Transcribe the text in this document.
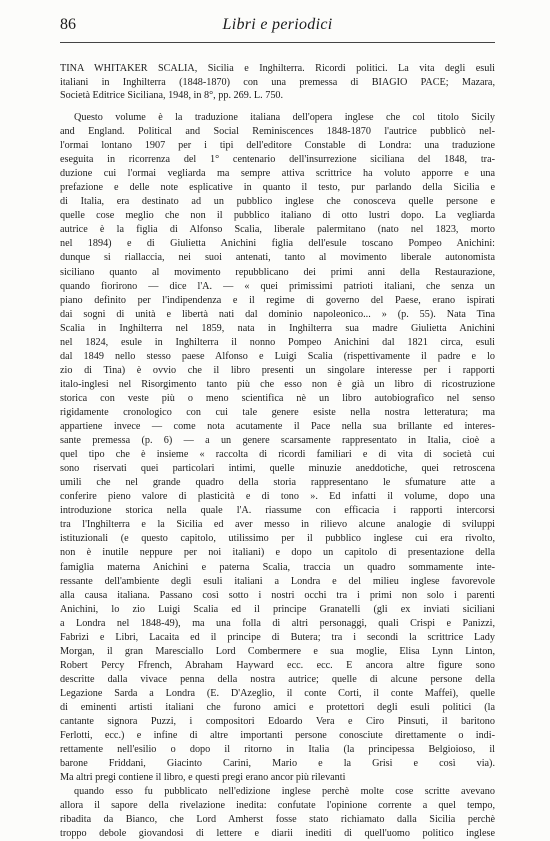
86	Libri e periodici
TINA WHITAKER SCALIA, Sicilia e Inghilterra. Ricordi politici. La vita degli esuli
italiani in Inghilterra (1848-1870) con una premessa di BIAGIO PACE; Mazara,
Società Editrice Siciliana, 1948, in 8°, pp. 269. L. 750.
Questo volume è la traduzione italiana dell'opera inglese che col titolo Sicily
and England. Political and Social Reminiscences 1848-1870 l'autrice pubblicò nel-
l'ormai lontano 1907 per i tipi dell'editore Constable di Londra: una traduzione
eseguita in ricorrenza del 1° centenario dell'insurrezione siciliana del 1848, tra-
duzione cui l'ormai vegliarda ma sempre attiva scrittrice ha voluto apporre e una
prefazione e delle note esplicative in quanto il testo, pur parlando della Sicilia e
di Italia, era destinato ad un pubblico inglese che conosceva quelle persone e
quelle cose meglio che non il pubblico italiano di otto lustri dopo. La vegliarda
autrice è la figlia di Alfonso Scalia, liberale palermitano (nato nel 1823, morto
nel 1894) e di Giulietta Anichini figlia dell'esule toscano Pompeo Anichini:
dunque si riallaccia, nei suoi antenati, tanto al movimento liberale autonomista
siciliano quanto al movimento repubblicano dei primi anni della Restaurazione,
quando fiorirono — dice l'A. — « quei primissimi patrioti italiani, che senza un
piano definito per l'indipendenza e il regime di governo del Paese, erano ispirati
dai sogni di unità e libertà nati dal dominio napoleonico... » (p. 55). Nata Tina
Scalia in Inghilterra nel 1859, nata in Inghilterra sua madre Giulietta Anichini
nel 1824, esule in Inghilterra il nonno Pompeo Anichini dal 1821 circa, esuli
dal 1849 nello stesso paese Alfonso e Luigi Scalia (rispettivamente il padre e lo
zio di Tina) è ovvio che il libro presenti un singolare interesse per i rapporti
italo-inglesi nel Risorgimento tanto più che esso non è già un libro di ricostruzione
storica con veste più o meno scientifica nè un libro autobiografico nel senso
rigidamente cronologico con cui tale genere esiste nella nostra letteratura; ma
appartiene invece — come nota acutamente il Pace nella sua brillante ed interes-
sante premessa (p. 6) — a un genere scarsamente rappresentato in Italia, cioè a
quel tipo che è insieme « raccolta di ricordi familiari e di vita di società cui
sono riservati quei particolari intimi, quelle minuzie aneddotiche, quei retroscena
umili che nel grande quadro della storia rappresentano le sfumature atte a
conferire pieno valore di plasticità e di tono ». Ed infatti il volume, dopo una
introduzione storica nella quale l'A. riassume con efficacia i rapporti intercorsi
tra l'Inghilterra e la Sicilia ed aver messo in rilievo alcune analogie di sviluppi
istituzionali (e questo capitolo, utilissimo per il pubblico inglese cui era rivolto,
non è inutile neppure per noi italiani) e dopo un capitolo di presentazione della
famiglia materna Anichini e paterna Scalia, traccia un quadro sommamente inte-
ressante dell'ambiente degli esuli italiani a Londra e del milieu inglese favorevole
alla causa italiana. Passano così sotto i nostri occhi tra i primi non solo i parenti
Anichini, lo zio Luigi Scalia ed il principe Granatelli (gli ex inviati siciliani
a Londra nel 1848-49), ma una folla di altri personaggi, quali Crispi e Panizzi,
Fabrizi e Libri, Lacaita ed il principe di Butera; tra i secondi la scrittrice Lady
Morgan, il gran Maresciallo Lord Combermere e sua moglie, Elisa Lynn Linton,
Robert Percy Ffrench, Abraham Hayward ecc. ecc. E ancora altre figure sono
descritte dalla vivace penna della nostra autrice; quelle di alcune persone della
Legazione Sarda a Londra (E. D'Azeglio, il conte Corti, il conte Maffei), quelle
di eminenti artisti italiani che furono amici e protettori degli esuli politici (la
cantante signora Puzzi, i compositori Edoardo Vera e Ciro Pinsuti, il baritono
Ferlotti, ecc.) e infine di altre importanti persone conosciute direttamente o indi-
rettamente nell'esilio o dopo il ritorno in Italia (la principessa Belgioioso, il
barone Friddani, Giacinto Carini, Mario e la Grisi e così via).
Ma altri pregi contiene il libro, e questi pregi erano ancor più rilevanti
quando esso fu pubblicato nell'edizione inglese perchè molte cose scritte avevano
allora il sapore della rivelazione inedita: confutate l'opinione corrente a quel tempo,
ribadita da Bianco, che Lord Amherst fosse stato richiamato dalla Sicilia perchè
troppo debole giovandosi di lettere e diarii inediti di quell'uomo politico inglese
